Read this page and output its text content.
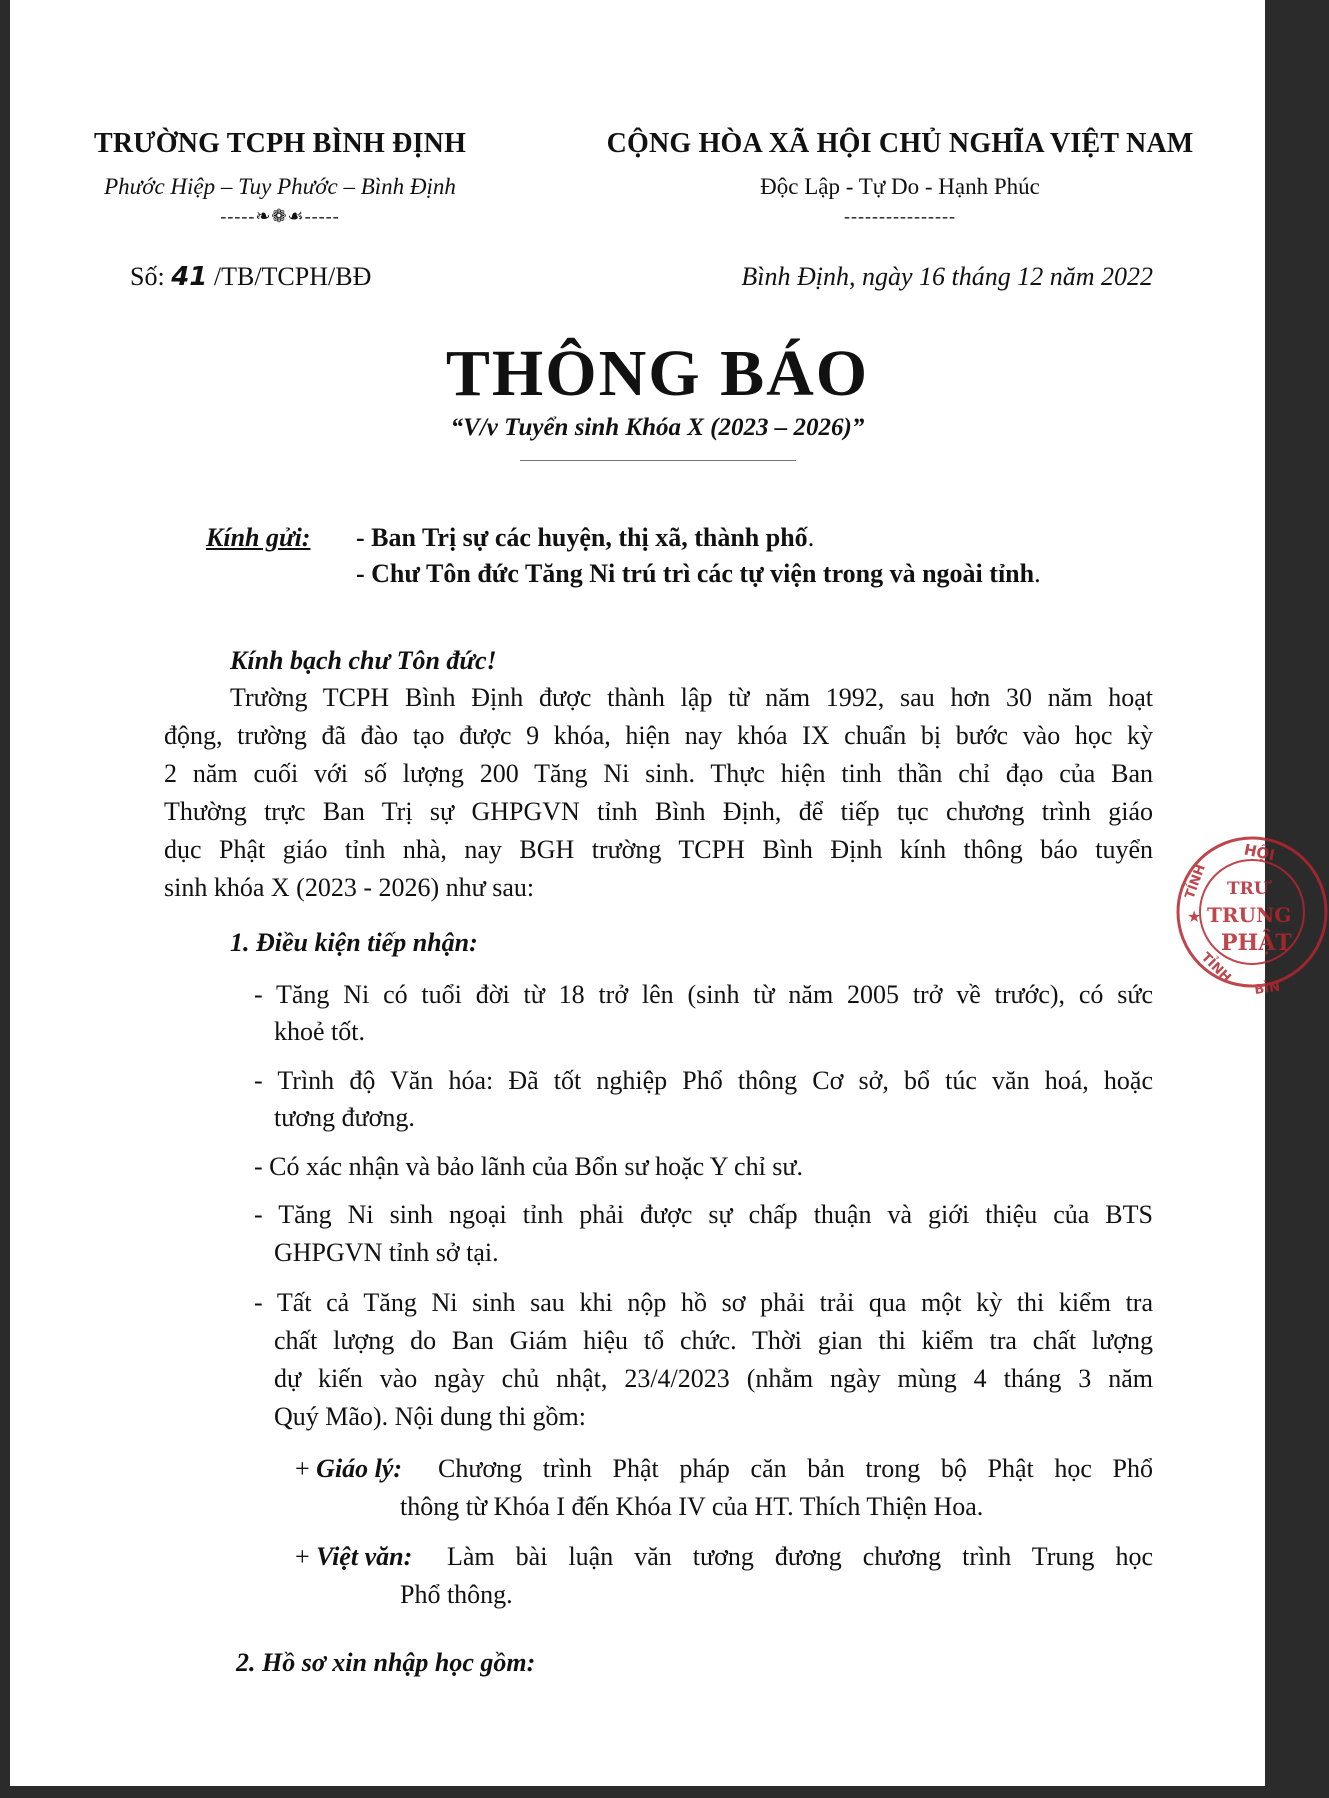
TRƯỜNG TCPH BÌNH ĐỊNH
Phước Hiệp – Tuy Phước – Bình Định
-----❧❁☙-----
CỘNG HÒA XÃ HỘI CHỦ NGHĨA VIỆT NAM
Độc Lập - Tự Do - Hạnh Phúc
----------------
Số: 41 /TB/TCPH/BĐ	Bình Định, ngày 16 tháng 12 năm 2022
THÔNG BÁO
“V/v Tuyển sinh Khóa X (2023 – 2026)”
Kính gửi: - Ban Trị sự các huyện, thị xã, thành phố.
- Chư Tôn đức Tăng Ni trú trì các tự viện trong và ngoài tỉnh.
Kính bạch chư Tôn đức!
Trường TCPH Bình Định được thành lập từ năm 1992, sau hơn 30 năm hoạt
động, trường đã đào tạo được 9 khóa, hiện nay khóa IX chuẩn bị bước vào học kỳ
2 năm cuối với số lượng 200 Tăng Ni sinh. Thực hiện tinh thần chỉ đạo của Ban
Thường trực Ban Trị sự GHPGVN tỉnh Bình Định, để tiếp tục chương trình giáo
dục Phật giáo tỉnh nhà, nay BGH trường TCPH Bình Định kính thông báo tuyển
sinh khóa X (2023 - 2026) như sau:
1. Điều kiện tiếp nhận:
- Tăng Ni có tuổi đời từ 18 trở lên (sinh từ năm 2005 trở về trước), có sức
khoẻ tốt.
- Trình độ Văn hóa: Đã tốt nghiệp Phổ thông Cơ sở, bổ túc văn hoá, hoặc
tương đương.
- Có xác nhận và bảo lãnh của Bổn sư hoặc Y chỉ sư.
- Tăng Ni sinh ngoại tỉnh phải được sự chấp thuận và giới thiệu của BTS
GHPGVN tỉnh sở tại.
- Tất cả Tăng Ni sinh sau khi nộp hồ sơ phải trải qua một kỳ thi kiểm tra
chất lượng do Ban Giám hiệu tổ chức. Thời gian thi kiểm tra chất lượng
dự kiến vào ngày chủ nhật, 23/4/2023 (nhằm ngày mùng 4 tháng 3 năm
Quý Mão). Nội dung thi gồm:
+ Giáo lý:	Chương trình Phật pháp căn bản trong bộ Phật học Phổ
thông từ Khóa I đến Khóa IV của HT. Thích Thiện Hoa.
+ Việt văn: Làm bài luận văn tương đương chương trình Trung học
Phổ thông.
2. Hồ sơ xin nhập học gồm:
HỘI
TỈNH
★
TỈNH
BÌN
TRƯ
TRUNG
PHẬT
